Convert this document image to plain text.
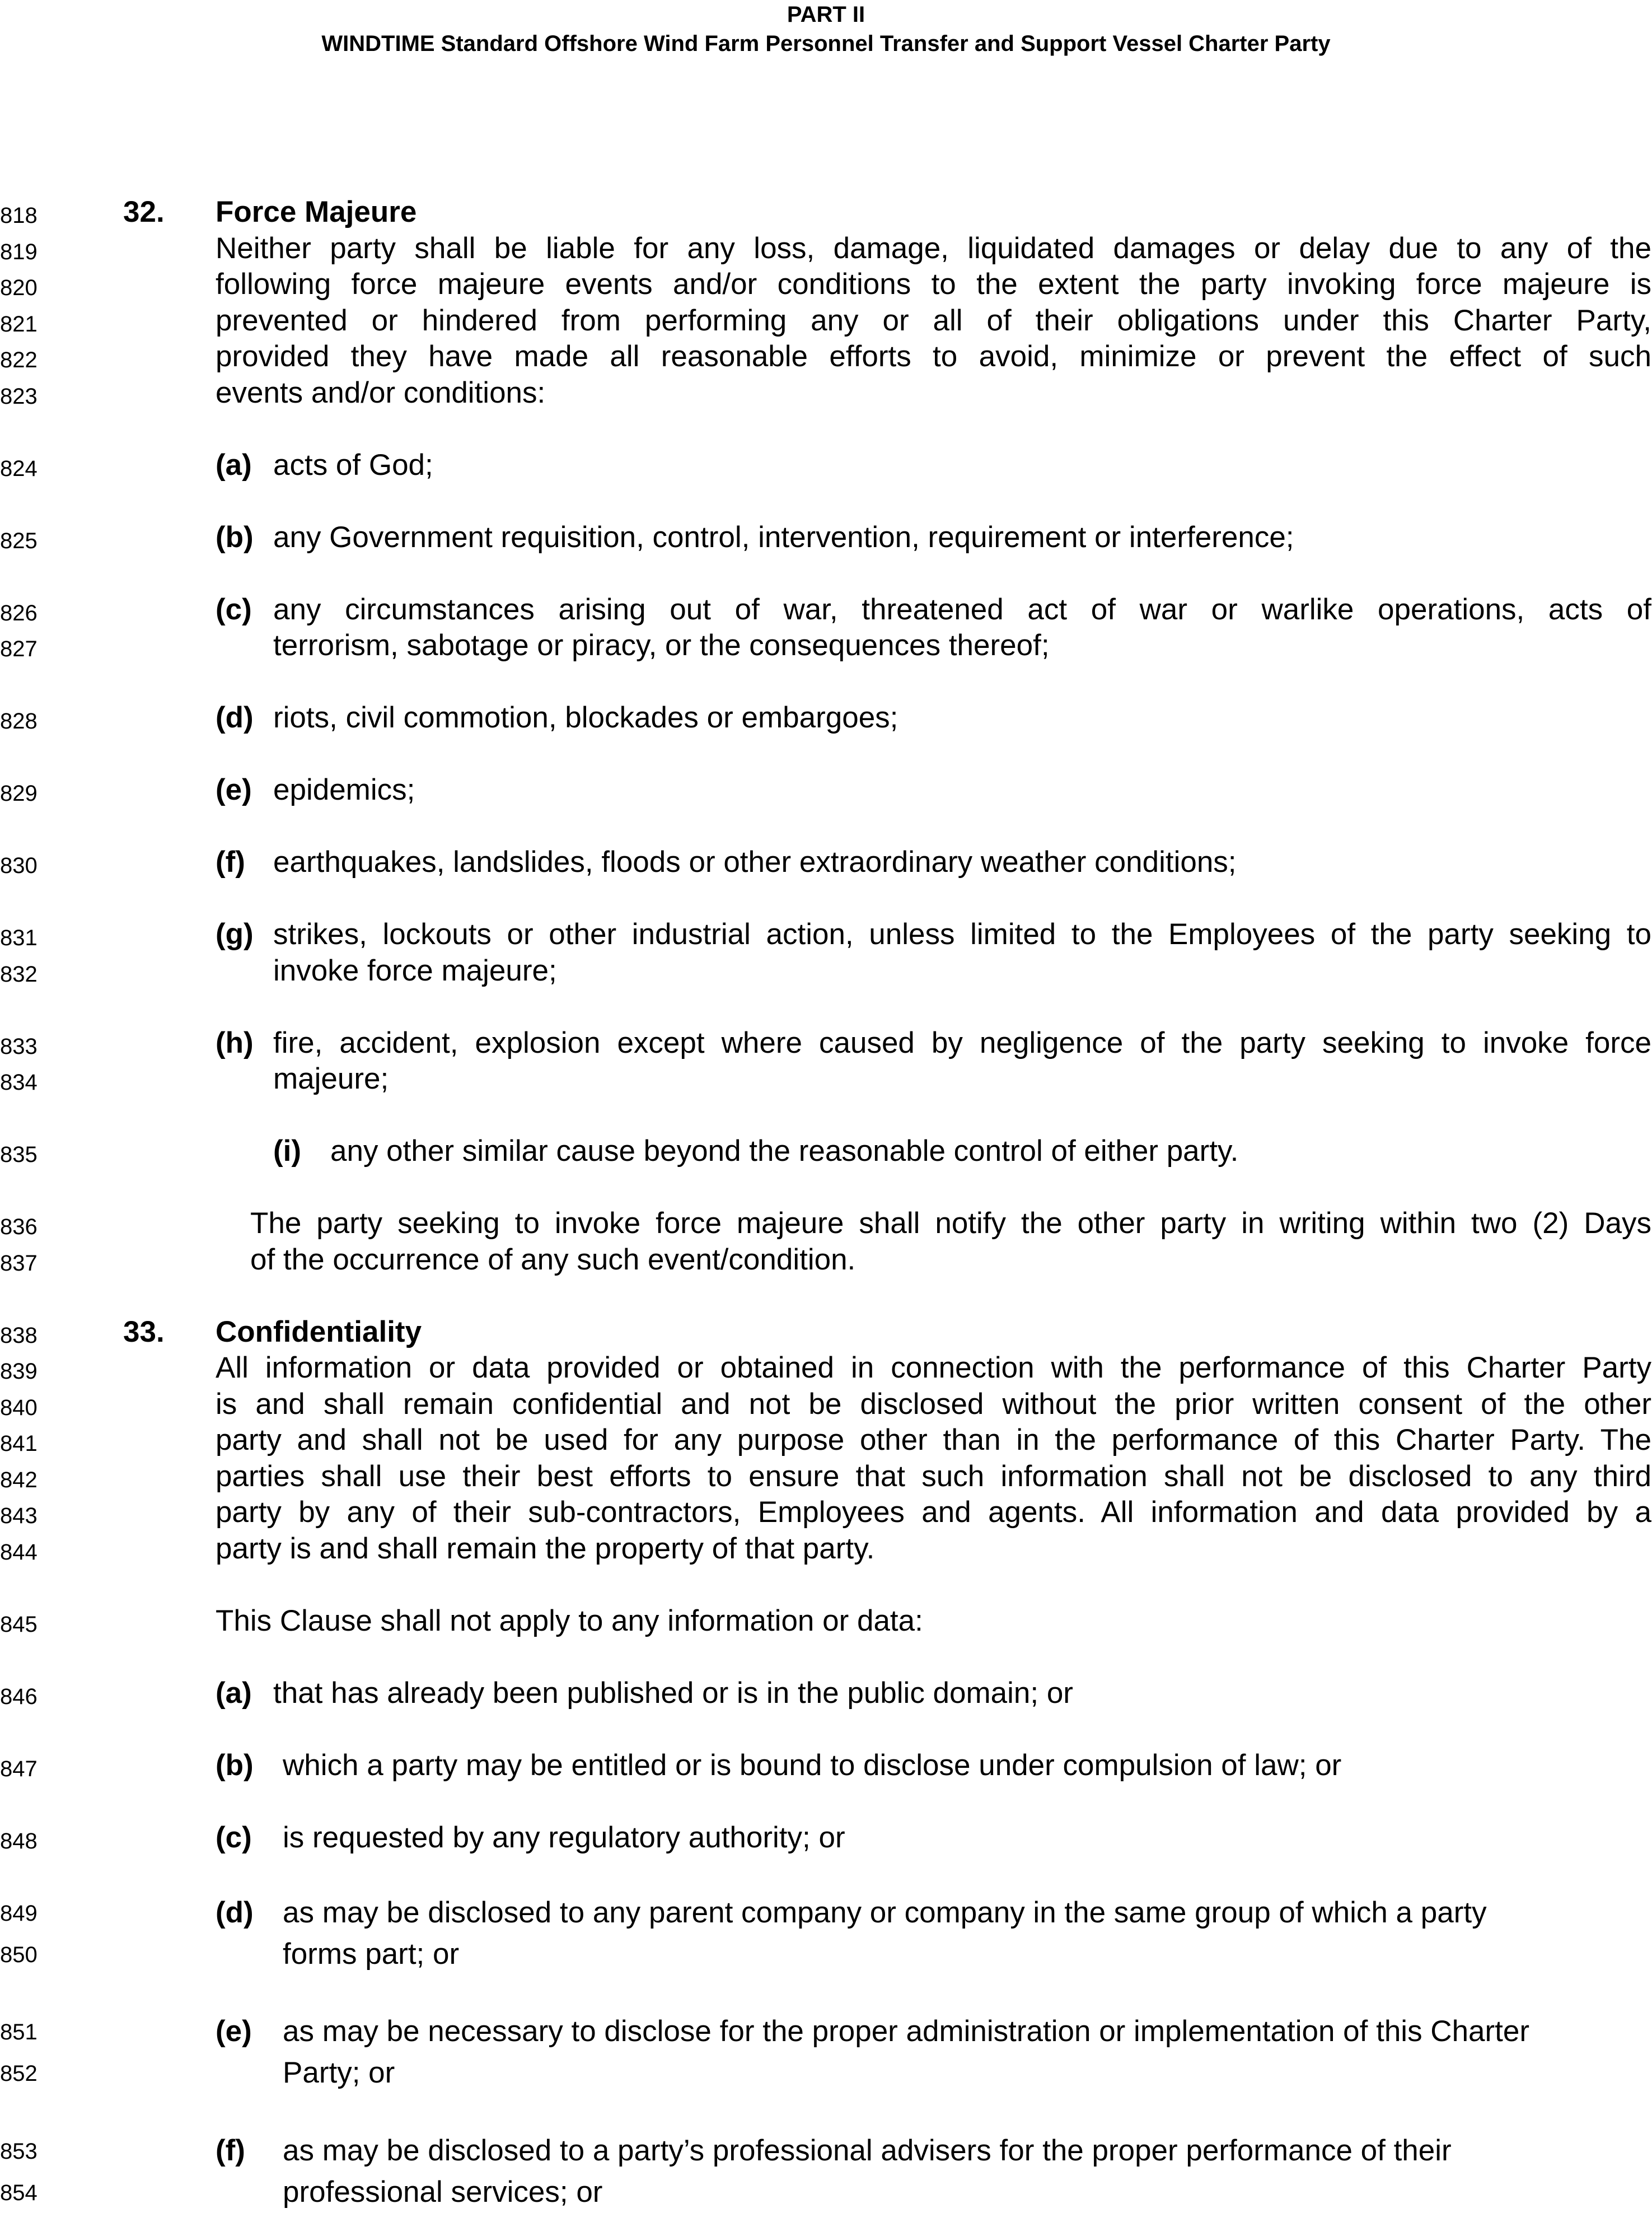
PART II
WINDTIME Standard Offshore Wind Farm Personnel Transfer and Support Vessel Charter Party
818	32. Force Majeure
819	Neither party shall be liable for any loss, damage, liquidated damages or delay due to any of the
820	following force majeure events and/or conditions to the extent the party invoking force majeure is
821	prevented or hindered from performing any or all of their obligations under this Charter Party,
822	provided they have made all reasonable efforts to avoid, minimize or prevent the effect of such
823	events and/or conditions:
824	(a) acts of God;
825	(b) any Government requisition, control, intervention, requirement or interference;
826	(c) any circumstances arising out of war, threatened act of war or warlike operations, acts of
827	terrorism, sabotage or piracy, or the consequences thereof;
828	(d) riots, civil commotion, blockades or embargoes;
829	(e) epidemics;
830	(f) earthquakes, landslides, floods or other extraordinary weather conditions;
831	(g) strikes, lockouts or other industrial action, unless limited to the Employees of the party seeking to
832	invoke force majeure;
833	(h) fire, accident, explosion except where caused by negligence of the party seeking to invoke force
834	majeure;
835	(i) any other similar cause beyond the reasonable control of either party.
836	The party seeking to invoke force majeure shall notify the other party in writing within two (2) Days
837	of the occurrence of any such event/condition.
838	33. Confidentiality
839	All information or data provided or obtained in connection with the performance of this Charter Party
840	is and shall remain confidential and not be disclosed without the prior written consent of the other
841	party and shall not be used for any purpose other than in the performance of this Charter Party. The
842	parties shall use their best efforts to ensure that such information shall not be disclosed to any third
843	party by any of their sub-contractors, Employees and agents. All information and data provided by a
844	party is and shall remain the property of that party.
845	This Clause shall not apply to any information or data:
846	(a) that has already been published or is in the public domain; or
847	(b) which a party may be entitled or is bound to disclose under compulsion of law; or
848	(c) is requested by any regulatory authority; or
849	(d) as may be disclosed to any parent company or company in the same group of which a party
850	forms part; or
851	(e) as may be necessary to disclose for the proper administration or implementation of this Charter
852	Party; or
853	(f) as may be disclosed to a party’s professional advisers for the proper performance of their
854	professional services; or
